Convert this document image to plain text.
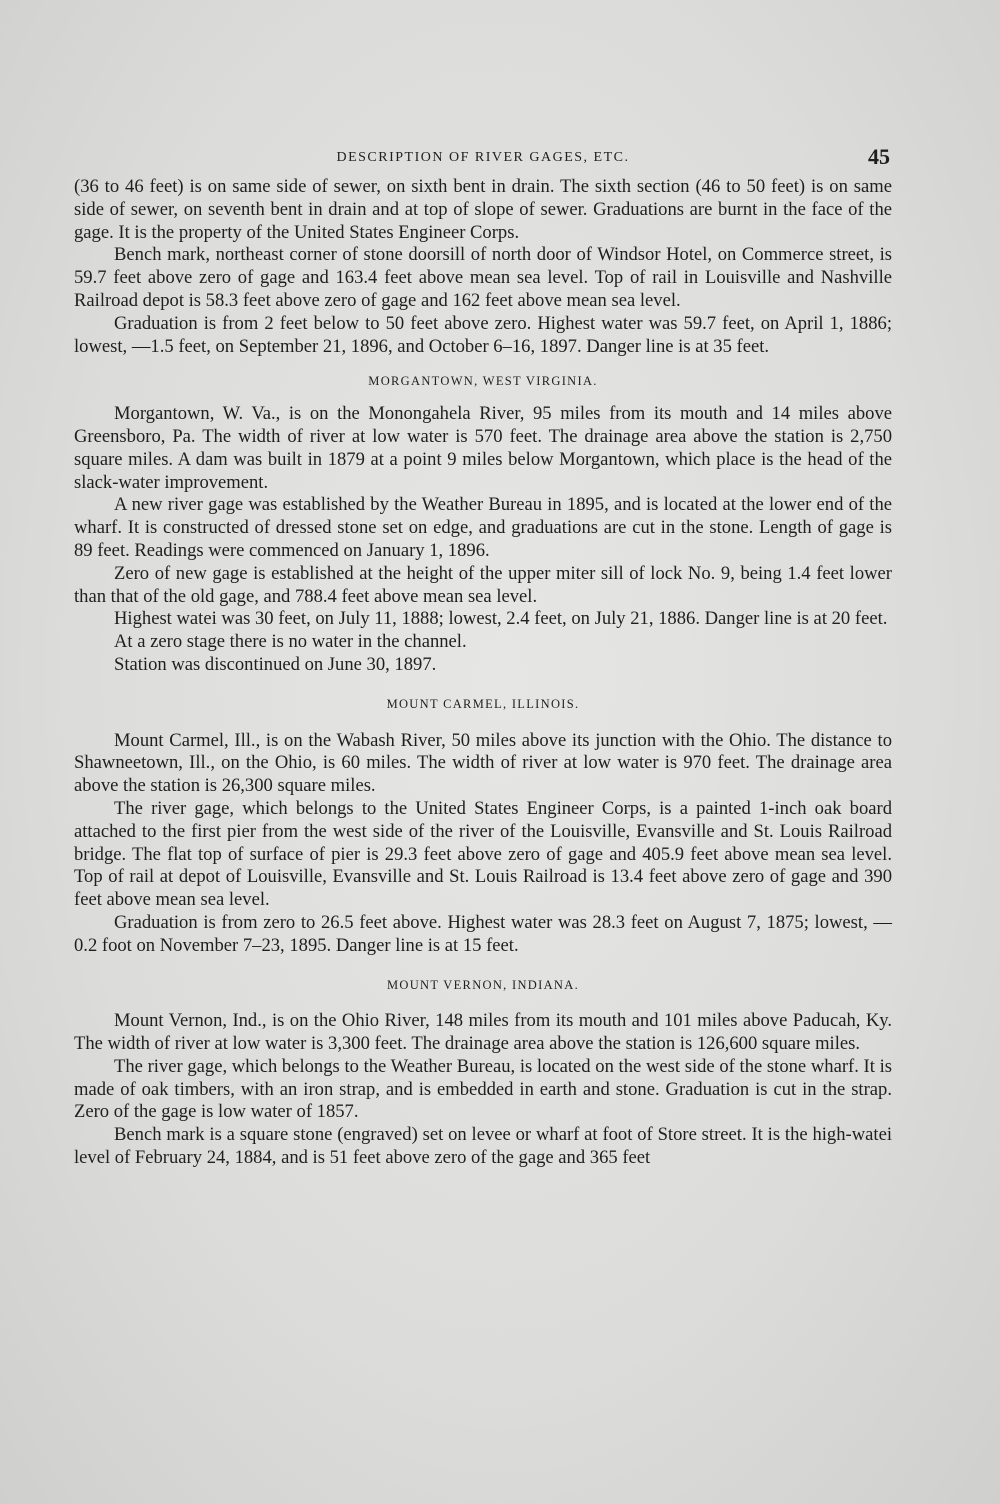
DESCRIPTION OF RIVER GAGES, ETC.	45

(36 to 46 feet) is on same side of sewer, on sixth bent in drain. The sixth section (46 to 50 feet) is on same side of sewer, on seventh bent in drain and at top of slope of sewer. Graduations are burnt in the face of the gage. It is the property of the United States Engineer Corps.

Bench mark, northeast corner of stone doorsill of north door of Windsor Hotel, on Commerce street, is 59.7 feet above zero of gage and 163.4 feet above mean sea level. Top of rail in Louisville and Nashville Railroad depot is 58.3 feet above zero of gage and 162 feet above mean sea level.

Graduation is from 2 feet below to 50 feet above zero. Highest water was 59.7 feet, on April 1, 1886; lowest, —1.5 feet, on September 21, 1896, and October 6–16, 1897. Danger line is at 35 feet.

MORGANTOWN, WEST VIRGINIA.

Morgantown, W. Va., is on the Monongahela River, 95 miles from its mouth and 14 miles above Greensboro, Pa. The width of river at low water is 570 feet. The drainage area above the station is 2,750 square miles. A dam was built in 1879 at a point 9 miles below Morgantown, which place is the head of the slack-water improvement.

A new river gage was established by the Weather Bureau in 1895, and is located at the lower end of the wharf. It is constructed of dressed stone set on edge, and graduations are cut in the stone. Length of gage is 89 feet. Readings were commenced on January 1, 1896.

Zero of new gage is established at the height of the upper miter sill of lock No. 9, being 1.4 feet lower than that of the old gage, and 788.4 feet above mean sea level.

Highest watei was 30 feet, on July 11, 1888; lowest, 2.4 feet, on July 21, 1886. Danger line is at 20 feet.

At a zero stage there is no water in the channel.

Station was discontinued on June 30, 1897.

MOUNT CARMEL, ILLINOIS.

Mount Carmel, Ill., is on the Wabash River, 50 miles above its junction with the Ohio. The distance to Shawneetown, Ill., on the Ohio, is 60 miles. The width of river at low water is 970 feet. The drainage area above the station is 26,300 square miles.

The river gage, which belongs to the United States Engineer Corps, is a painted 1-inch oak board attached to the first pier from the west side of the river of the Louisville, Evansville and St. Louis Railroad bridge. The flat top of surface of pier is 29.3 feet above zero of gage and 405.9 feet above mean sea level. Top of rail at depot of Louisville, Evansville and St. Louis Railroad is 13.4 feet above zero of gage and 390 feet above mean sea level.

Graduation is from zero to 26.5 feet above. Highest water was 28.3 feet on August 7, 1875; lowest, —0.2 foot on November 7–23, 1895. Danger line is at 15 feet.

MOUNT VERNON, INDIANA.

Mount Vernon, Ind., is on the Ohio River, 148 miles from its mouth and 101 miles above Paducah, Ky. The width of river at low water is 3,300 feet. The drainage area above the station is 126,600 square miles.

The river gage, which belongs to the Weather Bureau, is located on the west side of the stone wharf. It is made of oak timbers, with an iron strap, and is embedded in earth and stone. Graduation is cut in the strap. Zero of the gage is low water of 1857.

Bench mark is a square stone (engraved) set on levee or wharf at foot of Store street. It is the high-watei level of February 24, 1884, and is 51 feet above zero of the gage and 365 feet
